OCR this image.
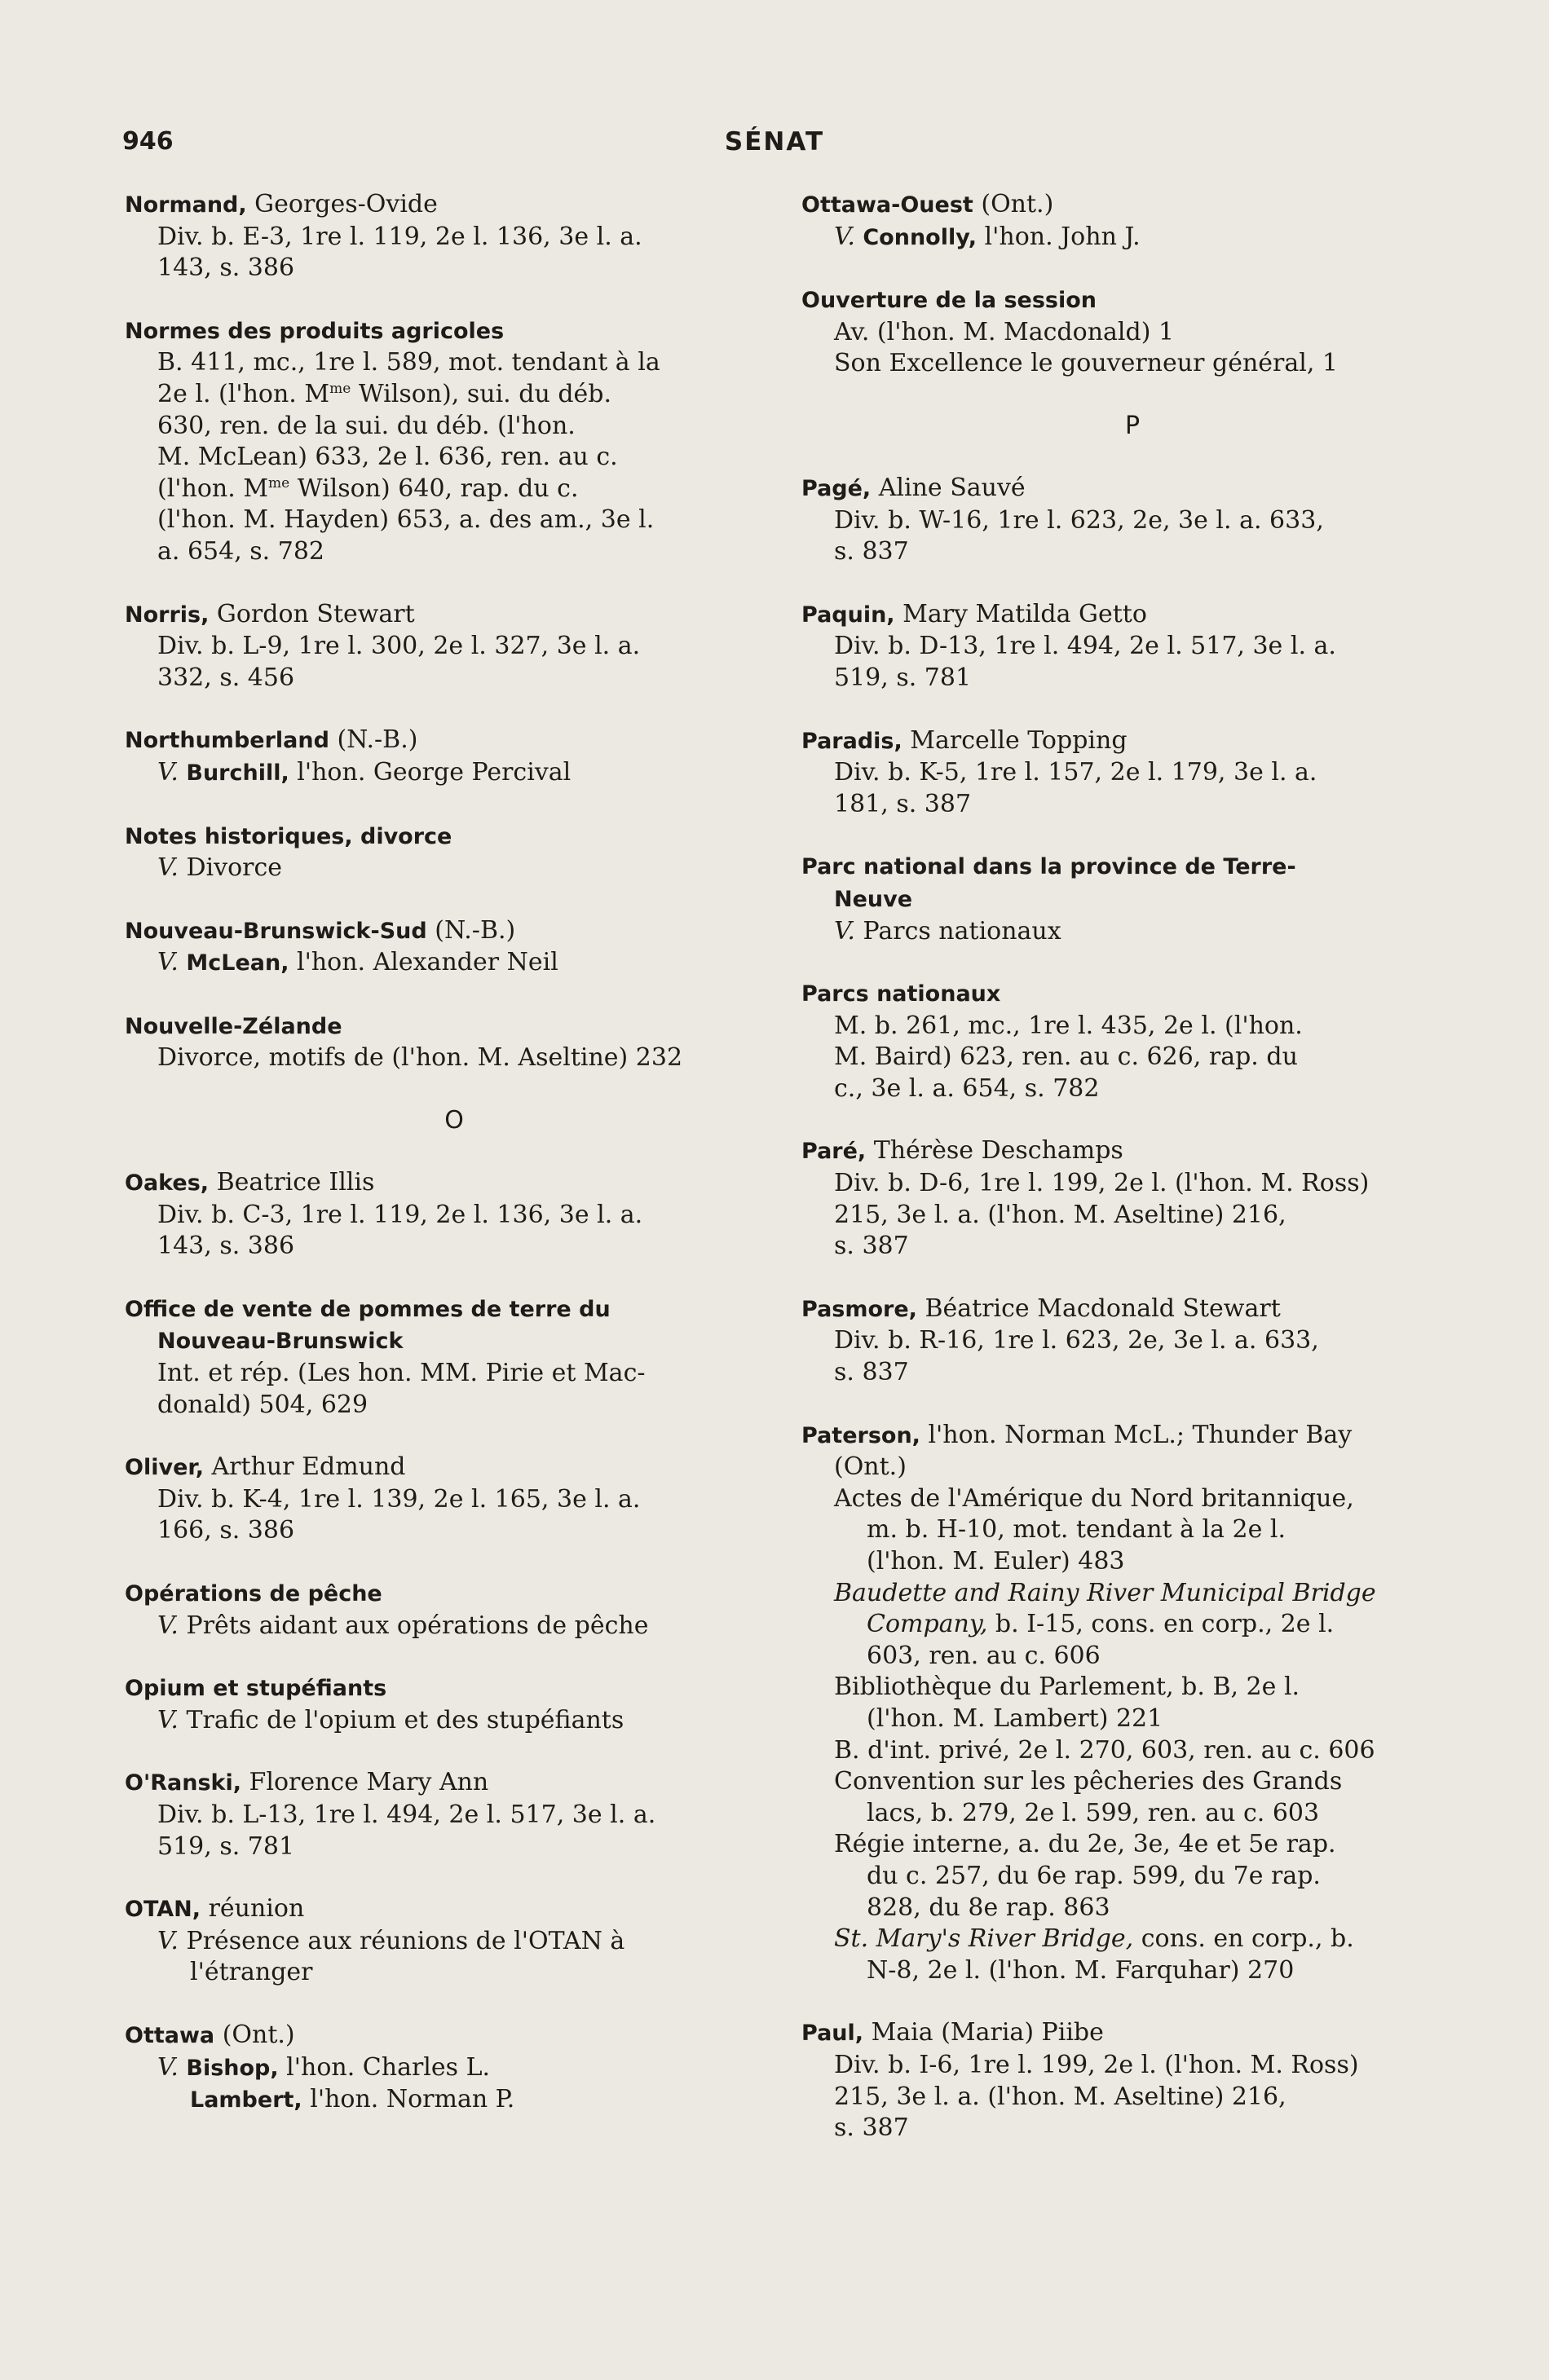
946	SÉNAT
Normand, Georges-Ovide
Div. b. E-3, 1re l. 119, 2e l. 136, 3e l. a.
143, s. 386
Normes des produits agricoles
B. 411, mc., 1re l. 589, mot. tendant à la
2e l. (l'hon. $M^{me}$ Wilson), sui. du déb.
630, ren. de la sui. du déb. (l'hon.
M. McLean) 633, 2e l. 636, ren. au c.
(l'hon. $M^{me}$ Wilson) 640, rap. du c.
(l'hon. M. Hayden) 653, a. des am., 3e l.
a. 654, s. 782
Norris, Gordon Stewart
Div. b. L-9, 1re l. 300, 2e l. 327, 3e l. a.
332, s. 456
Northumberland (N.-B.)
V. Burchill, l'hon. George Percival
Notes historiques, divorce
V. Divorce
Nouveau-Brunswick-Sud (N.-B.)
V. McLean, l'hon. Alexander Neil
Nouvelle-Zélande
Divorce, motifs de (l'hon. M. Aseltine) 232
O
Oakes, Beatrice Illis
Div. b. C-3, 1re l. 119, 2e l. 136, 3e l. a.
143, s. 386
Office de vente de pommes de terre du
Nouveau-Brunswick
Int. et rép. (Les hon. MM. Pirie et Mac-
donald) 504, 629
Oliver, Arthur Edmund
Div. b. K-4, 1re l. 139, 2e l. 165, 3e l. a.
166, s. 386
Opérations de pêche
V. Prêts aidant aux opérations de pêche
Opium et stupéfiants
V. Trafic de l'opium et des stupéfiants
O'Ranski, Florence Mary Ann
Div. b. L-13, 1re l. 494, 2e l. 517, 3e l. a.
519, s. 781
OTAN, réunion
V. Présence aux réunions de l'OTAN à
l'étranger
Ottawa (Ont.)
V. Bishop, l'hon. Charles L.
Lambert, l'hon. Norman P.
Ottawa-Ouest (Ont.)
V. Connolly, l'hon. John J.
Ouverture de la session
Av. (l'hon. M. Macdonald) 1
Son Excellence le gouverneur général, 1
P
Pagé, Aline Sauvé
Div. b. W-16, 1re l. 623, 2e, 3e l. a. 633,
s. 837
Paquin, Mary Matilda Getto
Div. b. D-13, 1re l. 494, 2e l. 517, 3e l. a.
519, s. 781
Paradis, Marcelle Topping
Div. b. K-5, 1re l. 157, 2e l. 179, 3e l. a.
181, s. 387
Parc national dans la province de Terre-
Neuve
V. Parcs nationaux
Parcs nationaux
M. b. 261, mc., 1re l. 435, 2e l. (l'hon.
M. Baird) 623, ren. au c. 626, rap. du
c., 3e l. a. 654, s. 782
Paré, Thérèse Deschamps
Div. b. D-6, 1re l. 199, 2e l. (l'hon. M. Ross)
215, 3e l. a. (l'hon. M. Aseltine) 216,
s. 387
Pasmore, Béatrice Macdonald Stewart
Div. b. R-16, 1re l. 623, 2e, 3e l. a. 633,
s. 837
Paterson, l'hon. Norman McL.; Thunder Bay
(Ont.)
Actes de l'Amérique du Nord britannique,
m. b. H-10, mot. tendant à la 2e l.
(l'hon. M. Euler) 483
Baudette and Rainy River Municipal Bridge
Company, b. I-15, cons. en corp., 2e l.
603, ren. au c. 606
Bibliothèque du Parlement, b. B, 2e l.
(l'hon. M. Lambert) 221
B. d'int. privé, 2e l. 270, 603, ren. au c. 606
Convention sur les pêcheries des Grands
lacs, b. 279, 2e l. 599, ren. au c. 603
Régie interne, a. du 2e, 3e, 4e et 5e rap.
du c. 257, du 6e rap. 599, du 7e rap.
828, du 8e rap. 863
St. Mary's River Bridge, cons. en corp., b.
N-8, 2e l. (l'hon. M. Farquhar) 270
Paul, Maia (Maria) Piibe
Div. b. I-6, 1re l. 199, 2e l. (l'hon. M. Ross)
215, 3e l. a. (l'hon. M. Aseltine) 216,
s. 387
